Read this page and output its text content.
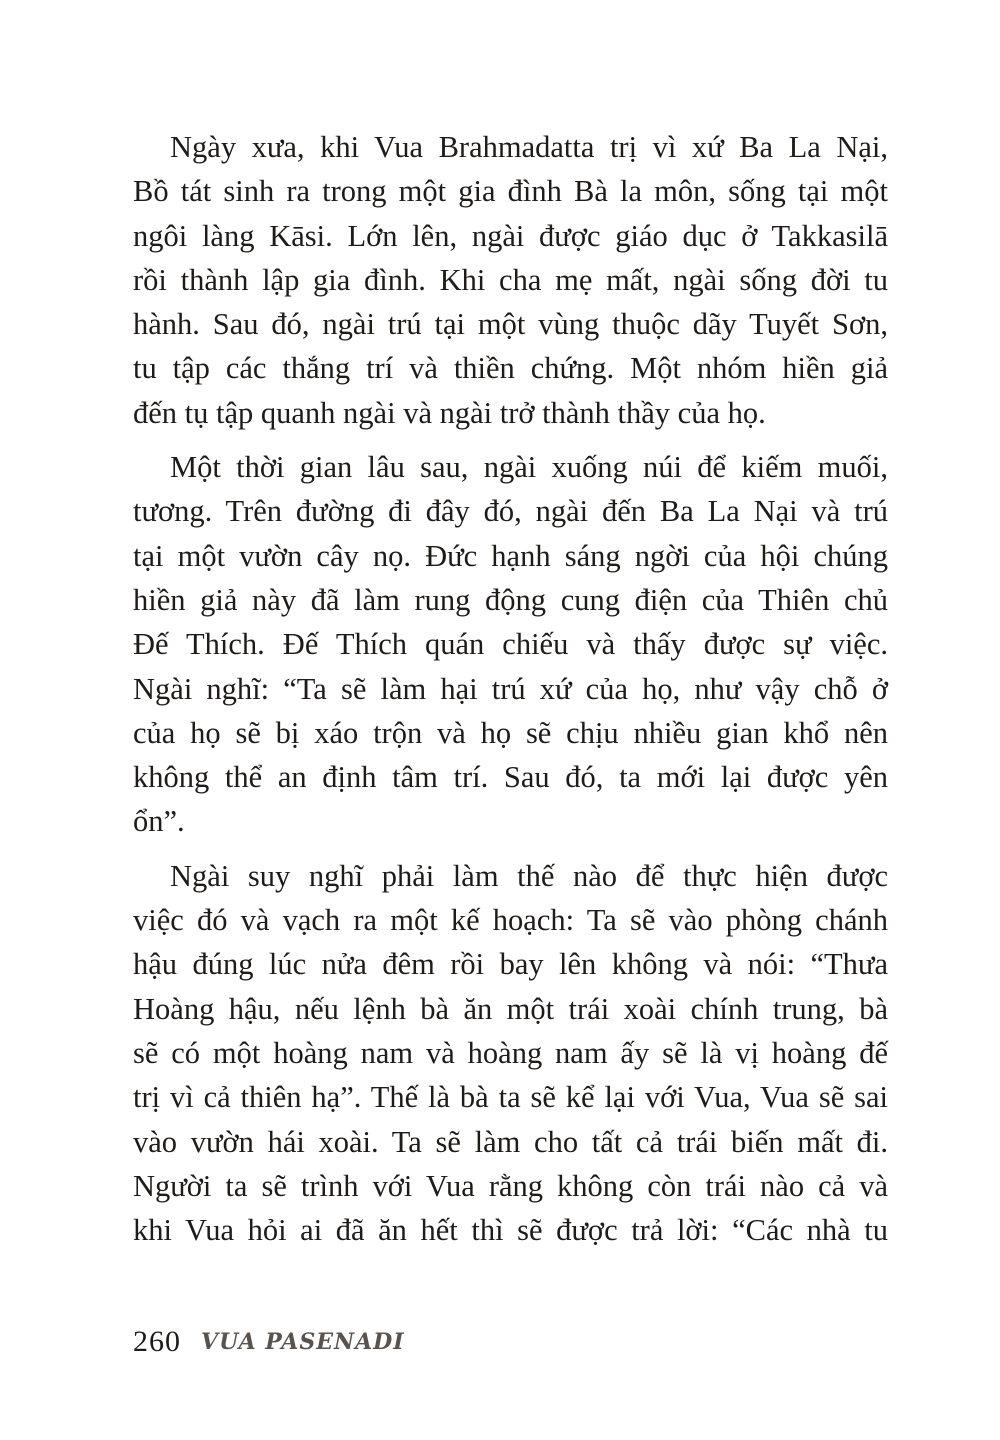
Ngày xưa, khi Vua Brahmadatta trị vì xứ Ba La Nại,
Bồ tát sinh ra trong một gia đình Bà la môn, sống tại một
ngôi làng Kāsi. Lớn lên, ngài được giáo dục ở Takkasilā
rồi thành lập gia đình. Khi cha mẹ mất, ngài sống đời tu
hành. Sau đó, ngài trú tại một vùng thuộc dãy Tuyết Sơn,
tu tập các thắng trí và thiền chứng. Một nhóm hiền giả
đến tụ tập quanh ngài và ngài trở thành thầy của họ.
Một thời gian lâu sau, ngài xuống núi để kiếm muối,
tương. Trên đường đi đây đó, ngài đến Ba La Nại và trú
tại một vườn cây nọ. Đức hạnh sáng ngời của hội chúng
hiền giả này đã làm rung động cung điện của Thiên chủ
Đế Thích. Đế Thích quán chiếu và thấy được sự việc.
Ngài nghĩ: “Ta sẽ làm hại trú xứ của họ, như vậy chỗ ở
của họ sẽ bị xáo trộn và họ sẽ chịu nhiều gian khổ nên
không thể an định tâm trí. Sau đó, ta mới lại được yên
ổn”.
Ngài suy nghĩ phải làm thế nào để thực hiện được
việc đó và vạch ra một kế hoạch: Ta sẽ vào phòng chánh
hậu đúng lúc nửa đêm rồi bay lên không và nói: “Thưa
Hoàng hậu, nếu lệnh bà ăn một trái xoài chính trung, bà
sẽ có một hoàng nam và hoàng nam ấy sẽ là vị hoàng đế
trị vì cả thiên hạ”. Thế là bà ta sẽ kể lại với Vua, Vua sẽ sai
vào vườn hái xoài. Ta sẽ làm cho tất cả trái biến mất đi.
Người ta sẽ trình với Vua rằng không còn trái nào cả và
khi Vua hỏi ai đã ăn hết thì sẽ được trả lời: “Các nhà tu
260 VUA PASENADI
